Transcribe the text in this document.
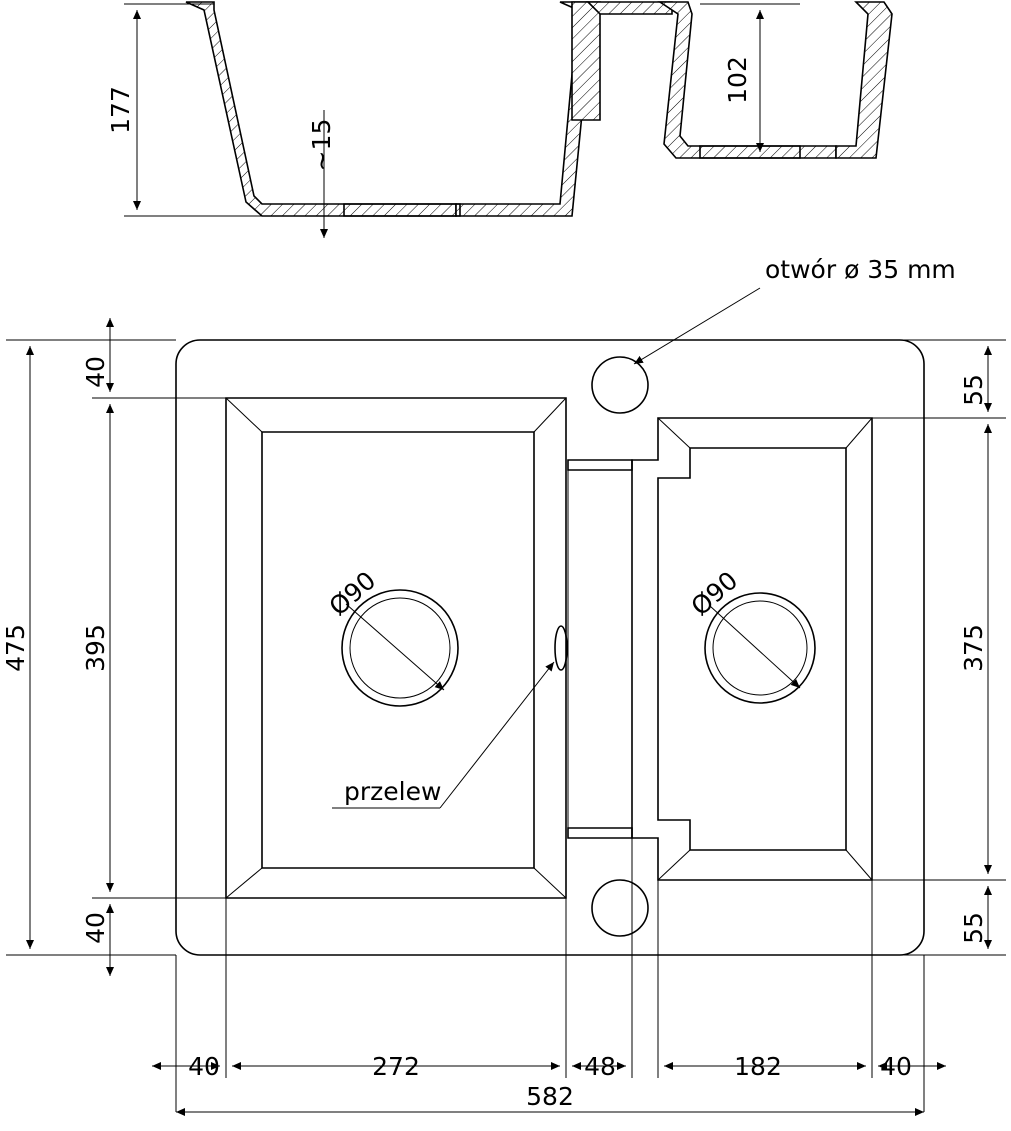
177
~15
102
Ø90	Ø90
otwór ø 35 mm
przelew
475 395
40
40
55
375
55
40	272	48	182	40
582
